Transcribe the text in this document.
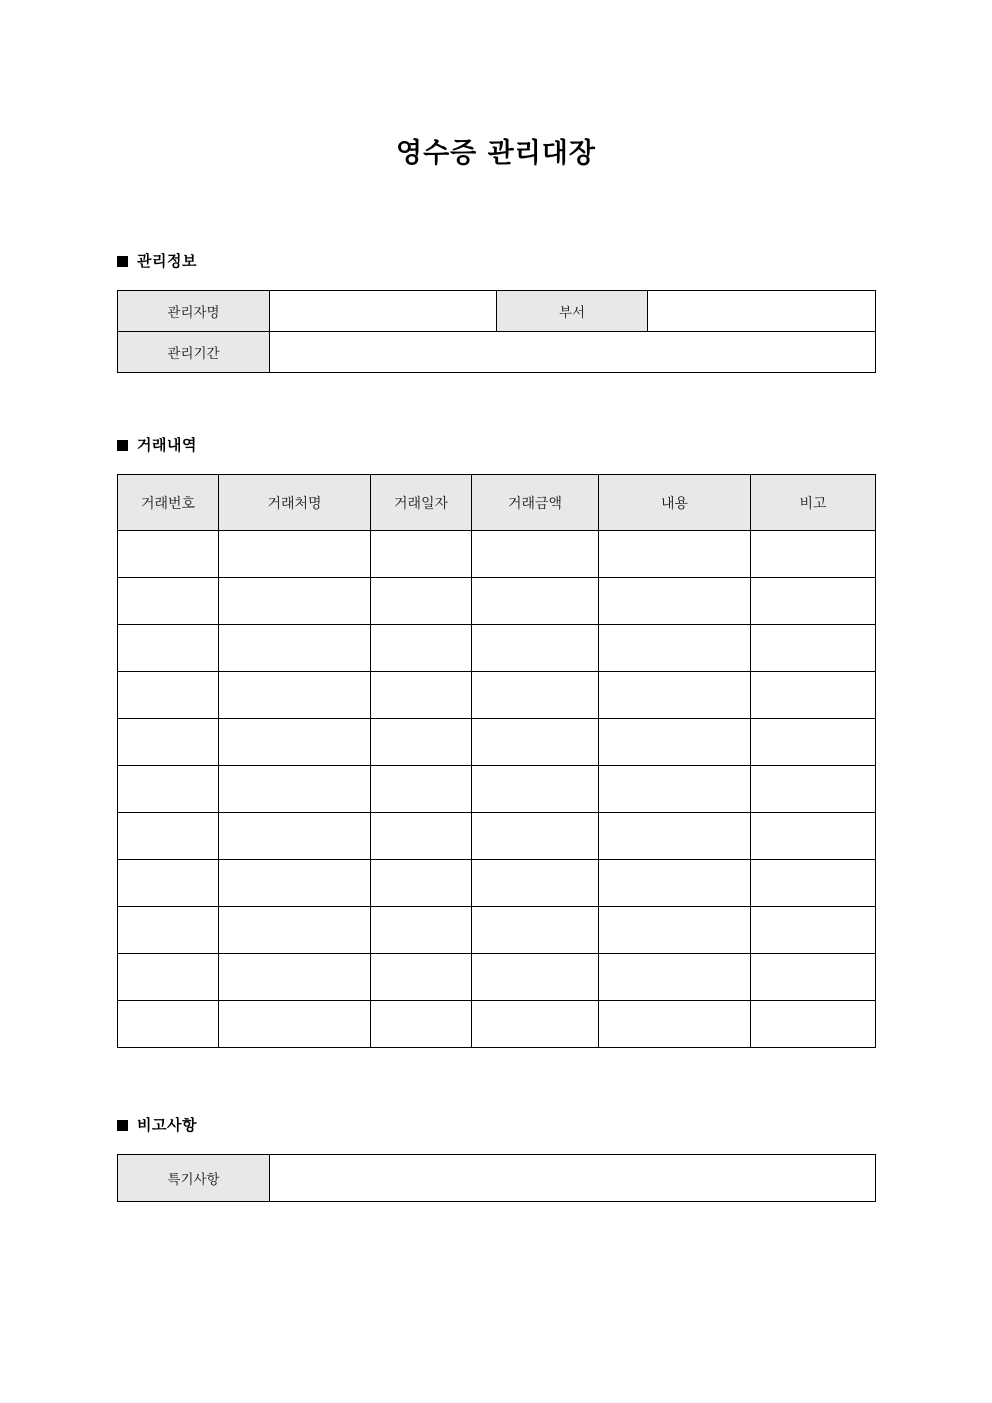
영수증 관리대장
관리정보
관리자명		부서	
관리기간			
거래내역
거래번호	거래처명	거래일자	거래금액	내용	비고

비고사항
특기사항	
